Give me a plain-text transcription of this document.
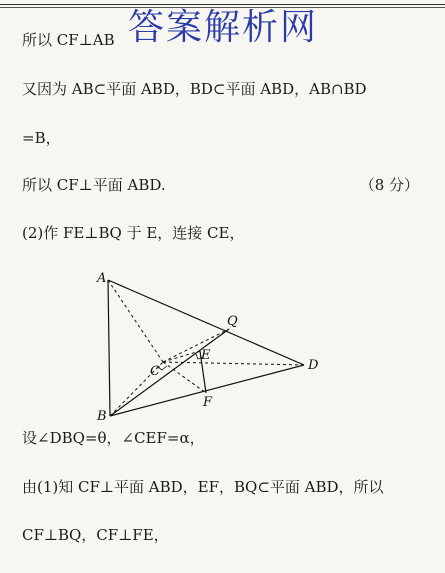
所以 CF⊥AB 答案解析网
又因为 AB⊂平面 ABD，BD⊂平面 ABD，AB∩BD
=B，
所以 CF⊥平面 ABD.	（8 分）
(2)作 FE⊥BQ 于 E，连接 CE，
A
B
C	D
E
F
Q
设∠DBQ=θ，∠CEF=α，
由(1)知 CF⊥平面 ABD，EF，BQ⊂平面 ABD，所以
CF⊥BQ，CF⊥FE，
